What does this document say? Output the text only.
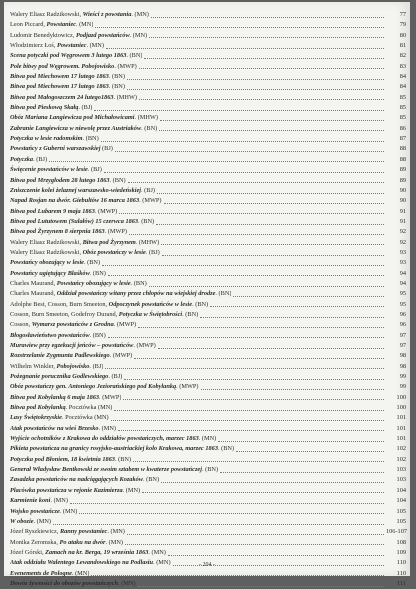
Walery Eliasz Radzikowski, Wieści z powstania. (MN)	77
Leon Piccard, Powstaniec. (MN)	79
Ludomir Benedyktowicz, Podjazd powstańców. (MN)	80
Włodzimierz Łoś, Powstaniec. (MN)	81
Scena potyczki pod Węgrowem 3 lutego 1863. (BN)	82
Pole bitwy pod Węgrowem. Pobojowisko. (MWP)	83
Bitwa pod Miechowem 17 lutego 1863. (BN)	84
Bitwa pod Miechowem 17 lutego 1863. (BN)	84
Bitwa pod Małogoszczem 24 lutego1863. (MHW)	85
Bitwa pod Pieskową Skałą. (BJ)	85
Obóz Mariana Langiewicza pod Michałowicami. (MHW)	85
Zabranie Langiewicza w niewolę przez Austriaków. (BN)	86
Potyczka w lesie radomskim. (BN)	87
Powstańcy z Guberni warszawskiej (BJ)	88
Potyczka. (BJ)	88
Święcenie powstańców w lesie. (BJ)	89
Bitwa pod Mrzygłodem 28 lutego 1863. (BN)	89
Zniszczenie kolei żelaznej warszawsko-wiedeńskiej. (BJ)	90
Napad Rosjan na dwór. Giebultów 16 marca 1863. (MWP)	90
Bitwa pod Lubarem 9 maja 1863. (MWP)	91
Bitwa pod Lututowem (Sulałów) 15 czerwca 1863. (BN)	91
Bitwa pod Żyrzynem 8 sierpnia 1863. (MWP)	92
Walery Eliasz Radzikowski, Bitwa pod Żyrzynem. (MHW)	92
Walery Eliasz Radzikowski, Obóz powstańczy w lesie. (BJ)	93
Powstańcy obozujący w lesie. (BN)	93
Powstańcy ugiętujący Blaśków. (BN)	94
Charles Maurand, Powstańcy obozujący w lesie. (BN)	94
Charles Maurand, Oddział powstańczy witany przez chłopów na wiejskiej drodze. (BN)	95
Adolphe Best, Cosson, Burn Smeeton, Odpoczynek powstańców w lesie. (BN)	95
Cosson, Burn Smeeton, Godefroy Durand, Potyczka w Świętobrości. (BN)	96
Cosson, Wymarsz powstańców z Grodna. (MWP)	96
Błogosławieństwo powstańców. (BN)	97
Murawiew przy egzekucji jeńców – powstańców. (MWP)	97
Rozstrzelanie Zygmunta Padlewskiego. (MWP)	98
Wilhelm Winkler, Pobojowisko. (BJ)	98
Pożegnanie porucznika Godlewskiego. (BJ)	99
Obóz powstańczy gen. Antoniego Jeziorańskiego pod Kobylanką. (MWP)	99
Bitwa pod Kobylanką 6 maja 1863. (MWP)	100
Bitwa pod Kobylanką. Pocztówka (MN)	100
Lasy Świętokrzyskie. Pocztówka (MN)	101
Atak powstańców na wieś Brzesko. (MN)	101
Wyjście ochotników z Krakowa do oddziałów powstańczych, marzec 1863. (MN)	101
Pikieta powstańcza na granicy rosyjsko-austriackiej koło Krakowa, marzec 1863. (BN)	102
Potyczka pod Błoniem, 18 kwietnia 1863. (BN)	102
Generał Władysław Bentkowski ze swoim sztabem w kwaterze powstańczej. (BN)	103
Zasadzka powstańców na nadciągających Kozaków. (BN)	103
Placówka powstańcza w rejonie Kazimierza. (MN)	104
Karmienie koni. (MN)	104
Wojsko powstańcze. (MN)	105
W obozie. (MN)	105
Józef Ryszkiewicz, Ranny powstaniec. (MN)	106-107
Monika Żeromska, Po ataku na dwór. (MN)	108
Józef Górski, Zamach na kr. Berga, 19 września 1863. (MN)	109
Atak oddziału Walentego Lewandowskiego na Podlasiu. (MN)	110
Evenements de Pologne. (MN)	110
Dowóz żywności do obozów powstańczych. (MN)	111
- 204 -
